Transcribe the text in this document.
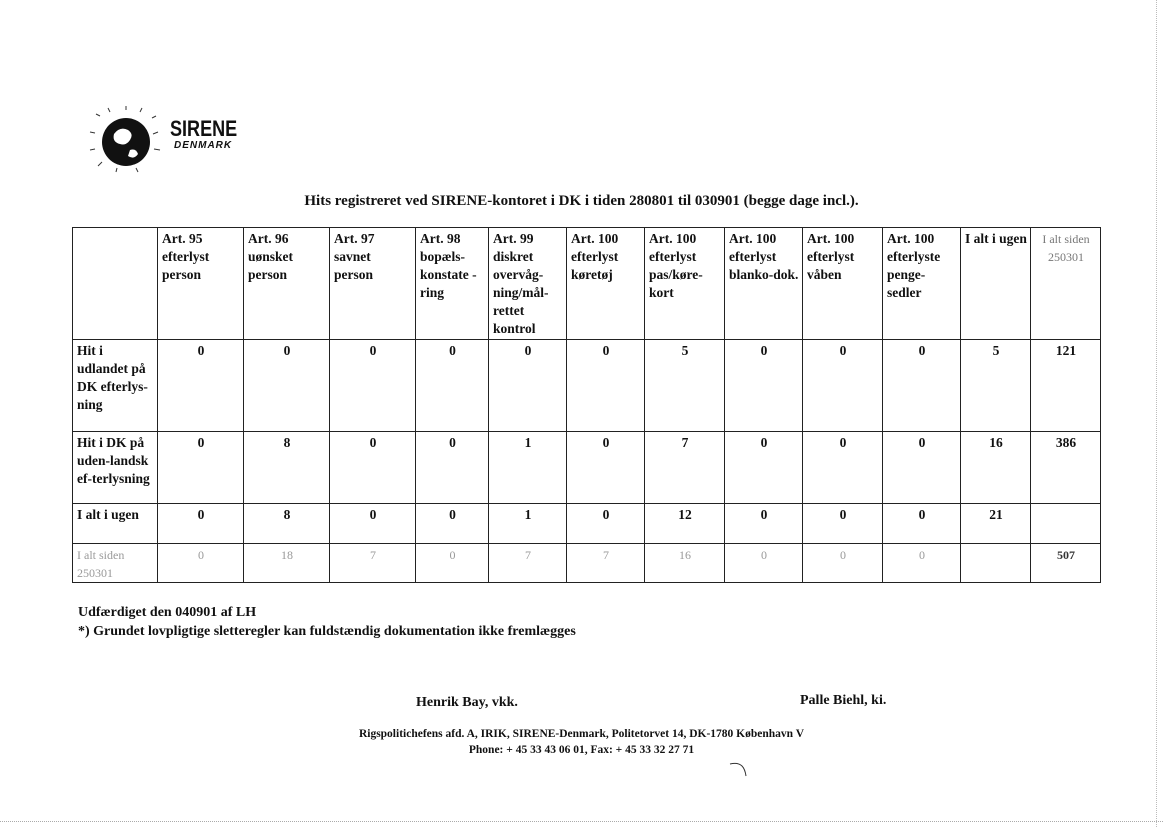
SIRENE
DENMARK
Hits registreret ved SIRENE-kontoret i DK i tiden 280801 til 030901 (begge dage incl.).
	Art. 95 efterlyst person	Art. 96 uønsket person	Art. 97 savnet person	Art. 98 bopæls-konstate -ring	Art. 99 diskret overvåg-ning/mål-rettet kontrol	Art. 100 efterlyst køretøj	Art. 100 efterlyst pas/køre-kort	Art. 100 efterlyst blanko-dok.	Art. 100 efterlyst våben	Art. 100 efterlyste penge-sedler	I alt i ugen	I alt siden 250301
Hit i udlandet på DK efterlys-ning	0	0	0	0	0	0	5	0	0	0	5	121
Hit i DK på uden-landsk ef-terlysning	0	8	0	0	1	0	7	0	0	0	16	386
I alt i ugen	0	8	0	0	1	0	12	0	0	0	21	
I alt siden 250301	0	18	7	0	7	7	16	0	0	0		507
Udfærdiget den 040901 af LH
*) Grundet lovpligtige sletteregler kan fuldstændig dokumentation ikke fremlægges
Henrik Bay, vkk.	Palle Biehl, ki.
Rigspolitichefens afd. A, IRIK, SIRENE-Denmark, Politetorvet 14, DK-1780 København V
Phone: + 45 33 43 06 01, Fax: + 45 33 32 27 71
